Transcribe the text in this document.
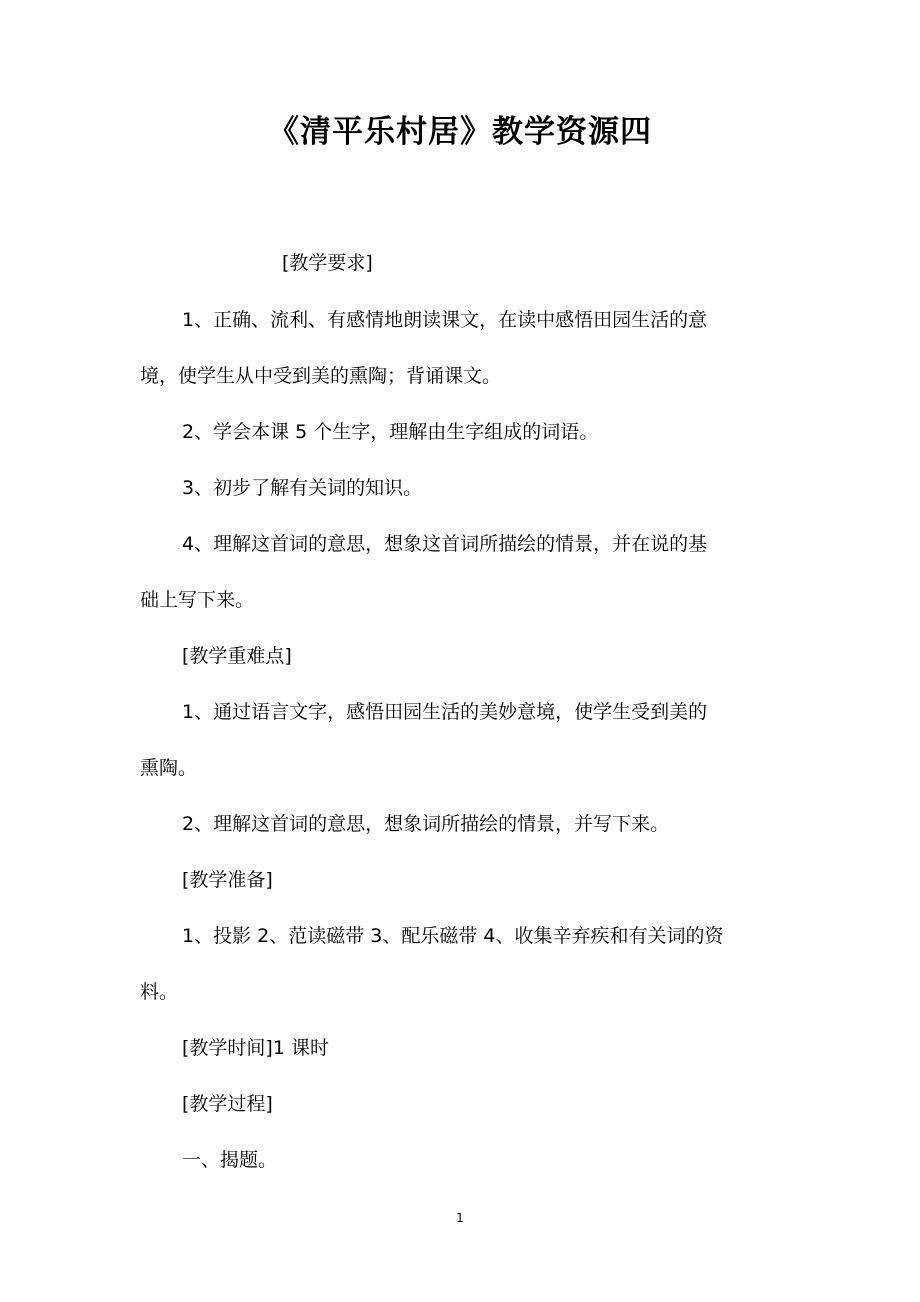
《清平乐村居》教学资源四
[教学要求]
1、正确、流利、有感情地朗读课文，在读中感悟田园生活的意
境，使学生从中受到美的熏陶；背诵课文。
2、学会本课 5 个生字，理解由生字组成的词语。
3、初步了解有关词的知识。
4、理解这首词的意思，想象这首词所描绘的情景，并在说的基
础上写下来。
[教学重难点]
1、通过语言文字，感悟田园生活的美妙意境，使学生受到美的
熏陶。
2、理解这首词的意思，想象词所描绘的情景，并写下来。
[教学准备]
1、投影 2、范读磁带 3、配乐磁带 4、收集辛弃疾和有关词的资
料。
[教学时间]1 课时
[教学过程]
一、揭题。
1
